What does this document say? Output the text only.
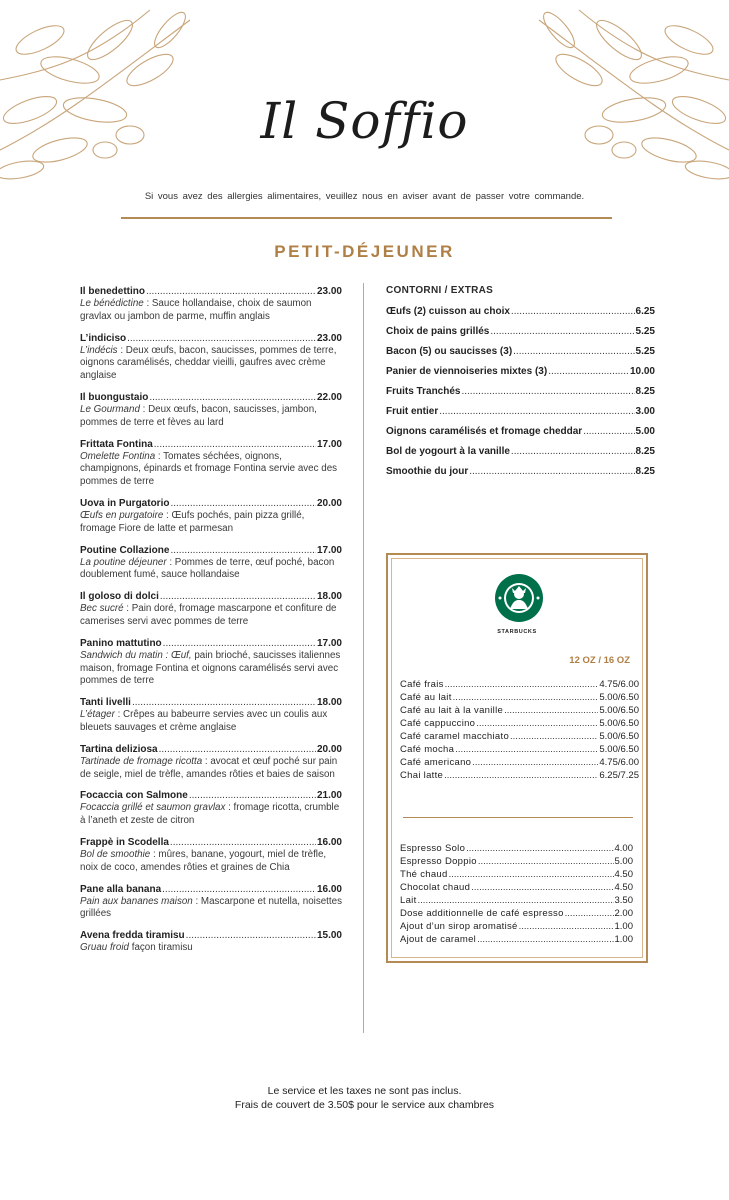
Il Soffio
Si vous avez des allergies alimentaires, veuillez nous en aviser avant de passer votre commande.
PETIT-DÉJEUNER
Il benedettino .....	23.00
Le bénédictine : Sauce hollandaise, choix de saumon gravlax ou jambon de parme, muffin anglais
L’indiciso .....	23.00
L’indécis : Deux œufs, bacon, saucisses, pommes de terre, oignons caramélisés, cheddar vieilli, gaufres avec crème anglaise
Il buongustaio .....	22.00
Le Gourmand : Deux œufs, bacon, saucisses, jambon, pommes de terre et fèves au lard
Frittata Fontina .....	17.00
Omelette Fontina : Tomates séchées, oignons, champignons, épinards et fromage Fontina servie avec des pommes de terre
Uova in Purgatorio .....	20.00
Œufs en purgatoire : Œufs pochés, pain pizza grillé, fromage Fiore de latte et parmesan
Poutine Collazione .....	17.00
La poutine déjeuner : Pommes de terre, œuf poché, bacon doublement fumé, sauce hollandaise
Il goloso di dolci .....	18.00
Bec sucré : Pain doré, fromage mascarpone et confiture de camerises servi avec pommes de terre
Panino mattutino .....	17.00
Sandwich du matin : Œuf, pain brioché, saucisses italiennes maison, fromage Fontina et oignons caramélisés servi avec pommes de terre
Tanti livelli .....	18.00
L’étager : Crêpes au babeurre servies avec un coulis aux bleuets sauvages et crème anglaise
Tartina deliziosa .....	20.00
Tartinade de fromage ricotta : avocat et œuf poché sur pain de seigle, miel de trèfle, amandes rôties et baies de saison
Focaccia con Salmone .....	21.00
Focaccia grillé et saumon gravlax : fromage ricotta, crumble à l’aneth et zeste de citron
Frappè in Scodella .....	16.00
Bol de smoothie : mûres, banane, yogourt, miel de trèfle, noix de coco, amendes rôties et graines de Chia
Pane alla banana .....	16.00
Pain aux bananes maison : Mascarpone et nutella, noisettes grillées
Avena fredda tiramisu .....	15.00
Gruau froid façon tiramisu
CONTORNI / EXTRAS
Œufs (2) cuisson au choix .....	6.25
Choix de pains grillés .....	5.25
Bacon (5) ou saucisses (3) .....	5.25
Panier de viennoiseries mixtes (3) .....	10.00
Fruits Tranchés .....	8.25
Fruit entier .....	3.00
Oignons caramélisés et fromage cheddar .....	5.00
Bol de yogourt à la vanille .....	8.25
Smoothie du jour .....	8.25
STARBUCKS
12 OZ / 16 OZ
Café frais .....	4.75/6.00
Café au lait .....	5.00/6.50
Café au lait à la vanille .....	5.00/6.50
Café cappuccino .....	5.00/6.50
Café caramel macchiato .....	5.00/6.50
Café mocha .....	5.00/6.50
Café americano .....	4.75/6.00
Chai latte .....	6.25/7.25
Espresso Solo .....	4.00
Espresso Doppio .....	5.00
Thé chaud .....	4.50
Chocolat chaud .....	4.50
Lait .....	3.50
Dose additionnelle de café espresso .....	2.00
Ajout d’un sirop aromatisé .....	1.00
Ajout de caramel .....	1.00
Le service et les taxes ne sont pas inclus.
Frais de couvert de 3.50$ pour le service aux chambres
